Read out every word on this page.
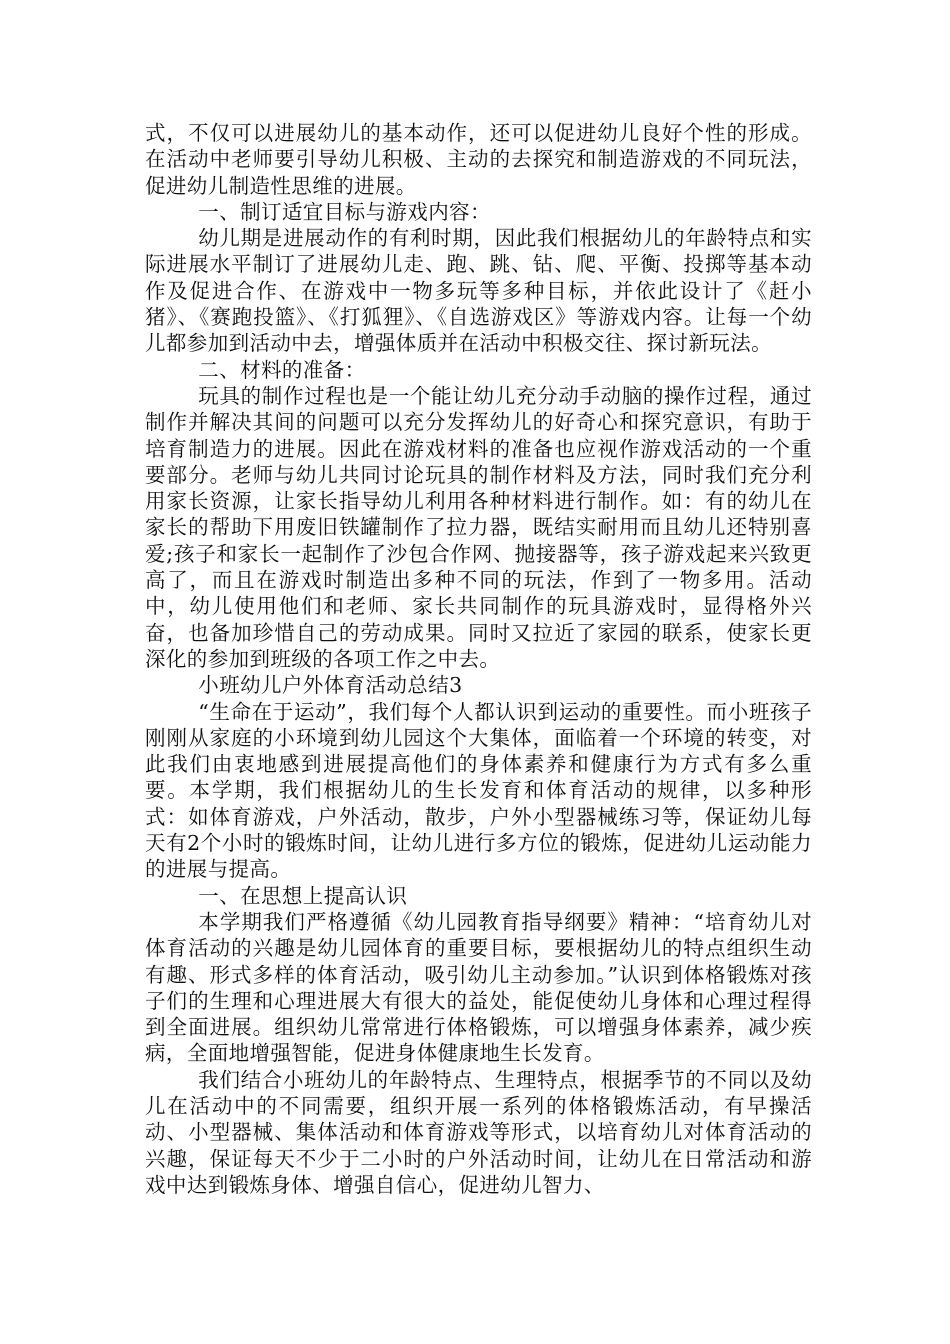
式，不仅可以进展幼儿的基本动作，还可以促进幼儿良好个性的形成。在活动中老师要引导幼儿积极、主动的去探究和制造游戏的不同玩法，促进幼儿制造性思维的进展。

一、制订适宜目标与游戏内容：

幼儿期是进展动作的有利时期，因此我们根据幼儿的年龄特点和实际进展水平制订了进展幼儿走、跑、跳、钻、爬、平衡、投掷等基本动作及促进合作、在游戏中一物多玩等多种目标，并依此设计了《赶小猪》、《赛跑投篮》、《打狐狸》、《自选游戏区》等游戏内容。让每一个幼儿都参加到活动中去，增强体质并在活动中积极交往、探讨新玩法。

二、材料的准备：

玩具的制作过程也是一个能让幼儿充分动手动脑的操作过程，通过制作并解决其间的问题可以充分发挥幼儿的好奇心和探究意识，有助于培育制造力的进展。因此在游戏材料的准备也应视作游戏活动的一个重要部分。老师与幼儿共同讨论玩具的制作材料及方法，同时我们充分利用家长资源，让家长指导幼儿利用各种材料进行制作。如：有的幼儿在家长的帮助下用废旧铁罐制作了拉力器，既结实耐用而且幼儿还特别喜爱;孩子和家长一起制作了沙包合作网、抛接器等，孩子游戏起来兴致更高了，而且在游戏时制造出多种不同的玩法，作到了一物多用。活动中，幼儿使用他们和老师、家长共同制作的玩具游戏时，显得格外兴奋，也备加珍惜自己的劳动成果。同时又拉近了家园的联系，使家长更深化的参加到班级的各项工作之中去。

小班幼儿户外体育活动总结3

“生命在于运动”，我们每个人都认识到运动的重要性。而小班孩子刚刚从家庭的小环境到幼儿园这个大集体，面临着一个环境的转变，对此我们由衷地感到进展提高他们的身体素养和健康行为方式有多么重要。本学期，我们根据幼儿的生长发育和体育活动的规律，以多种形式：如体育游戏，户外活动，散步，户外小型器械练习等，保证幼儿每天有2个小时的锻炼时间，让幼儿进行多方位的锻炼，促进幼儿运动能力的进展与提高。

一、在思想上提高认识

本学期我们严格遵循《幼儿园教育指导纲要》精神：“培育幼儿对体育活动的兴趣是幼儿园体育的重要目标，要根据幼儿的特点组织生动有趣、形式多样的体育活动，吸引幼儿主动参加。”认识到体格锻炼对孩子们的生理和心理进展大有很大的益处，能促使幼儿身体和心理过程得到全面进展。组织幼儿常常进行体格锻炼，可以增强身体素养，减少疾病，全面地增强智能，促进身体健康地生长发育。

我们结合小班幼儿的年龄特点、生理特点，根据季节的不同以及幼儿在活动中的不同需要，组织开展一系列的体格锻炼活动，有早操活动、小型器械、集体活动和体育游戏等形式，以培育幼儿对体育活动的兴趣，保证每天不少于二小时的户外活动时间，让幼儿在日常活动和游戏中达到锻炼身体、增强自信心，促进幼儿智力、
